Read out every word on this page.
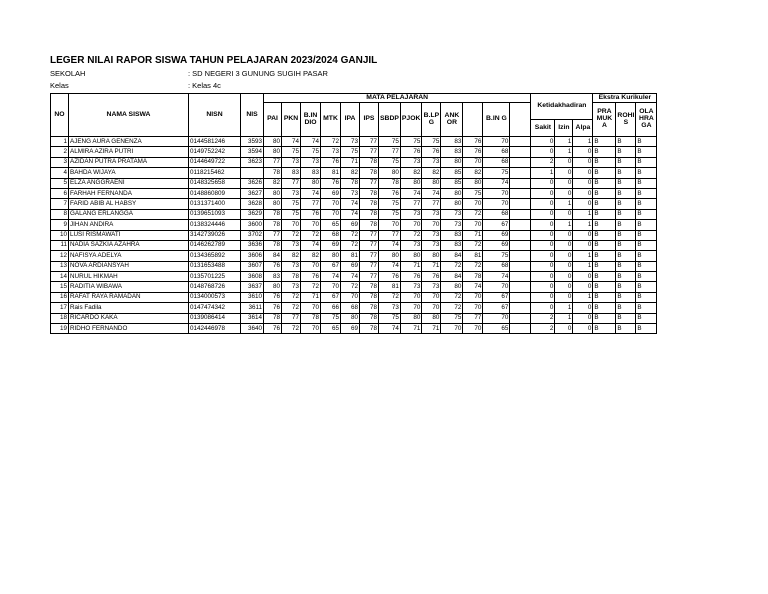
LEGER NILAI RAPOR SISWA TAHUN PELAJARAN 2023/2024 GANJIL
SEKOLAH	: SD NEGERI 3 GUNUNG SUGIH PASAR
Kelas	: Kelas 4c
NO	NAMA SISWA	NISN	NIS	MATA PELAJARAN													Ketidakhadiran			Ekstra Kurikuler		
				PAI	PKN	B.IN DIO	MTK	IPA	IPS	SBDP	PJOK	B.LP G	ANK OR		B.IN G					PRA MUK A	ROHI S	OLA HRA GA
																	Sakit	Izin	Alpa			
1	AJENG AURA GENENZA	0144581246	3593	80	74	74	72	73	77	75	75	75	83	76	70		0	1	1	B	B	B
2	ALMIRA AZIRA PUTRI	0149752242	3594	80	75	75	73	75	77	77	76	76	83	76	68		0	1	0	B	B	B
3	AZIDAN PUTRA PRATAMA	0144649722	3623	77	73	73	76	71	78	75	73	73	80	70	68		2	0	0	B	B	B
4	BAHDA WIJAYA	0118215462		78	83	83	81	82	78	80	82	82	85	82	75		1	0	0	B	B	B
5	ELZA ANGGRAENI	0148325658	3626	82	77	80	76	78	77	78	80	80	85	80	74		0	0	0	B	B	B
6	FARHAH FERNANDA	0148860809	3627	80	73	74	69	73	78	76	74	74	80	75	70		0	0	0	B	B	B
7	FARID ABIB AL HABSY	0131371400	3628	80	75	77	70	74	78	75	77	77	80	70	70		0	1	0	B	B	B
8	GALANG ERLANGGA	0139651093	3629	78	75	76	70	74	78	75	73	73	73	72	68		0	0	1	B	B	B
9	JIHAN ANDIRA	0138324446	3600	78	70	70	65	69	78	70	70	70	73	70	67		0	1	1	B	B	B
10	LUSI RISMAWATI	3142739026	3702	77	72	72	68	72	77	77	72	73	83	71	69		0	0	0	B	B	B
11	NADIA SAZKIA AZAHRA	0146262789	3636	78	73	74	69	72	77	74	73	73	83	72	69		0	0	0	B	B	B
12	NAFISYA ADELYA	0134365892	3606	84	82	82	80	81	77	80	80	80	84	81	75		0	0	1	B	B	B
13	NOVA ARDIANSYAH	0131653488	3607	76	73	70	67	69	77	74	71	71	72	72	68		0	0	1	B	B	B
14	NURUL HIKMAH	0135701225	3608	83	78	76	74	74	77	76	76	76	84	78	74		0	0	0	B	B	B
15	RADITIA WIBAWA	0148768726	3637	80	73	72	70	72	78	81	73	73	80	74	70		0	0	0	B	B	B
16	RAFAT RAYA RAMADAN	0134000573	3610	76	72	71	67	70	78	72	70	70	72	70	67		0	0	1	B	B	B
17	Rais Fadila	0147474342	3611	76	72	70	66	68	78	73	70	70	72	70	67		0	1	0	B	B	B
18	RICARDO KAKA	0139086414	3614	78	77	78	75	80	78	75	80	80	75	77	70		2	1	0	B	B	B
19	RIDHO FERNANDO	0142446978	3640	76	72	70	65	69	78	74	71	71	70	70	65		2	0	0	B	B	B
